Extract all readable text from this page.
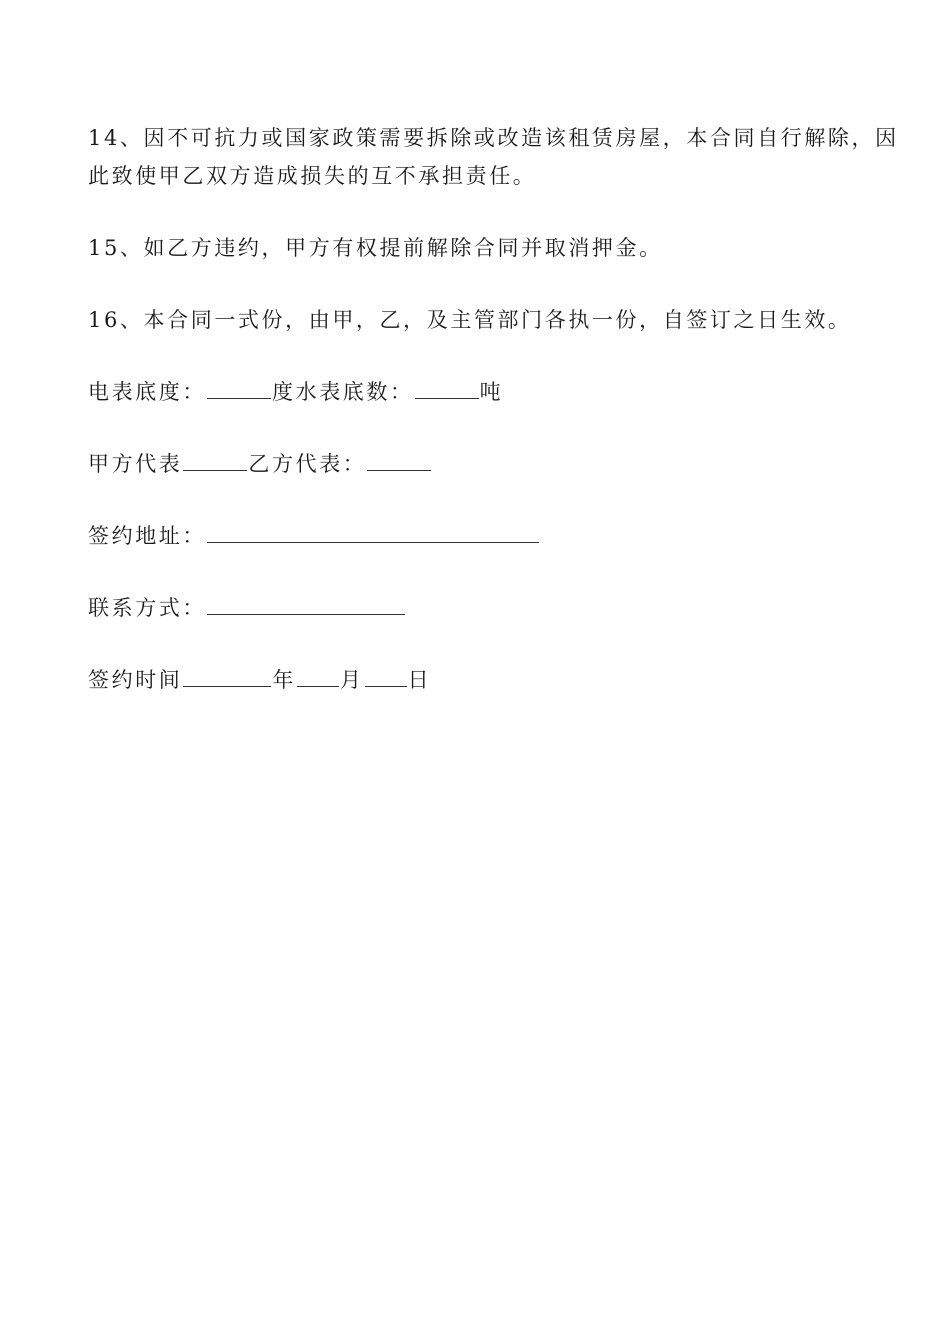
14、因不可抗力或国家政策需要拆除或改造该租赁房屋，本合同自行解除，因
此致使甲乙双方造成损失的互不承担责任。
15、如乙方违约，甲方有权提前解除合同并取消押金。
16、本合同一式份，由甲，乙，及主管部门各执一份，自签订之日生效。
电表底度：	度水表底数：	吨
甲方代表	乙方代表：
签约地址：
联系方式：
签约时间	年 月 日
